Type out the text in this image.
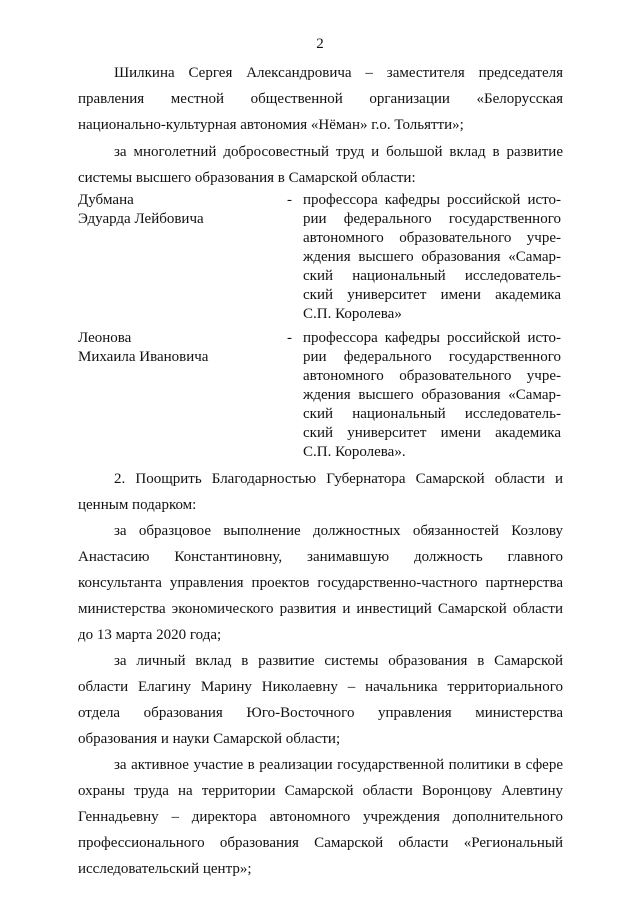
2
Шилкина Сергея Александровича – заместителя председателя правления местной общественной организации «Белорусская национально-культурная автономия «Нёман» г.о. Тольятти»;
за многолетний добросовестный труд и большой вклад в развитие системы высшего образования в Самарской области:
Дубмана
Эдуарда Лейбовича
- профессора кафедры российской исто-
рии федерального государственного
автономного образовательного учре-
ждения высшего образования «Самар-
ский национальный исследователь-
ский университет имени академика
С.П. Королева»
Леонова
Михаила Ивановича
- профессора кафедры российской исто-
рии федерального государственного
автономного образовательного учре-
ждения высшего образования «Самар-
ский национальный исследователь-
ский университет имени академика
С.П. Королева».
2. Поощрить Благодарностью Губернатора Самарской области и ценным подарком:
за образцовое выполнение должностных обязанностей Козлову Анастасию Константиновну, занимавшую должность главного консультанта управления проектов государственно-частного партнерства министерства экономического развития и инвестиций Самарской области до 13 марта 2020 года;
за личный вклад в развитие системы образования в Самарской области Елагину Марину Николаевну – начальника территориального отдела образования Юго-Восточного управления министерства образования и науки Самарской области;
за активное участие в реализации государственной политики в сфере охраны труда на территории Самарской области Воронцову Алевтину Геннадьевну – директора автономного учреждения дополнительного профессионального образования Самарской области «Региональный исследовательский центр»;
